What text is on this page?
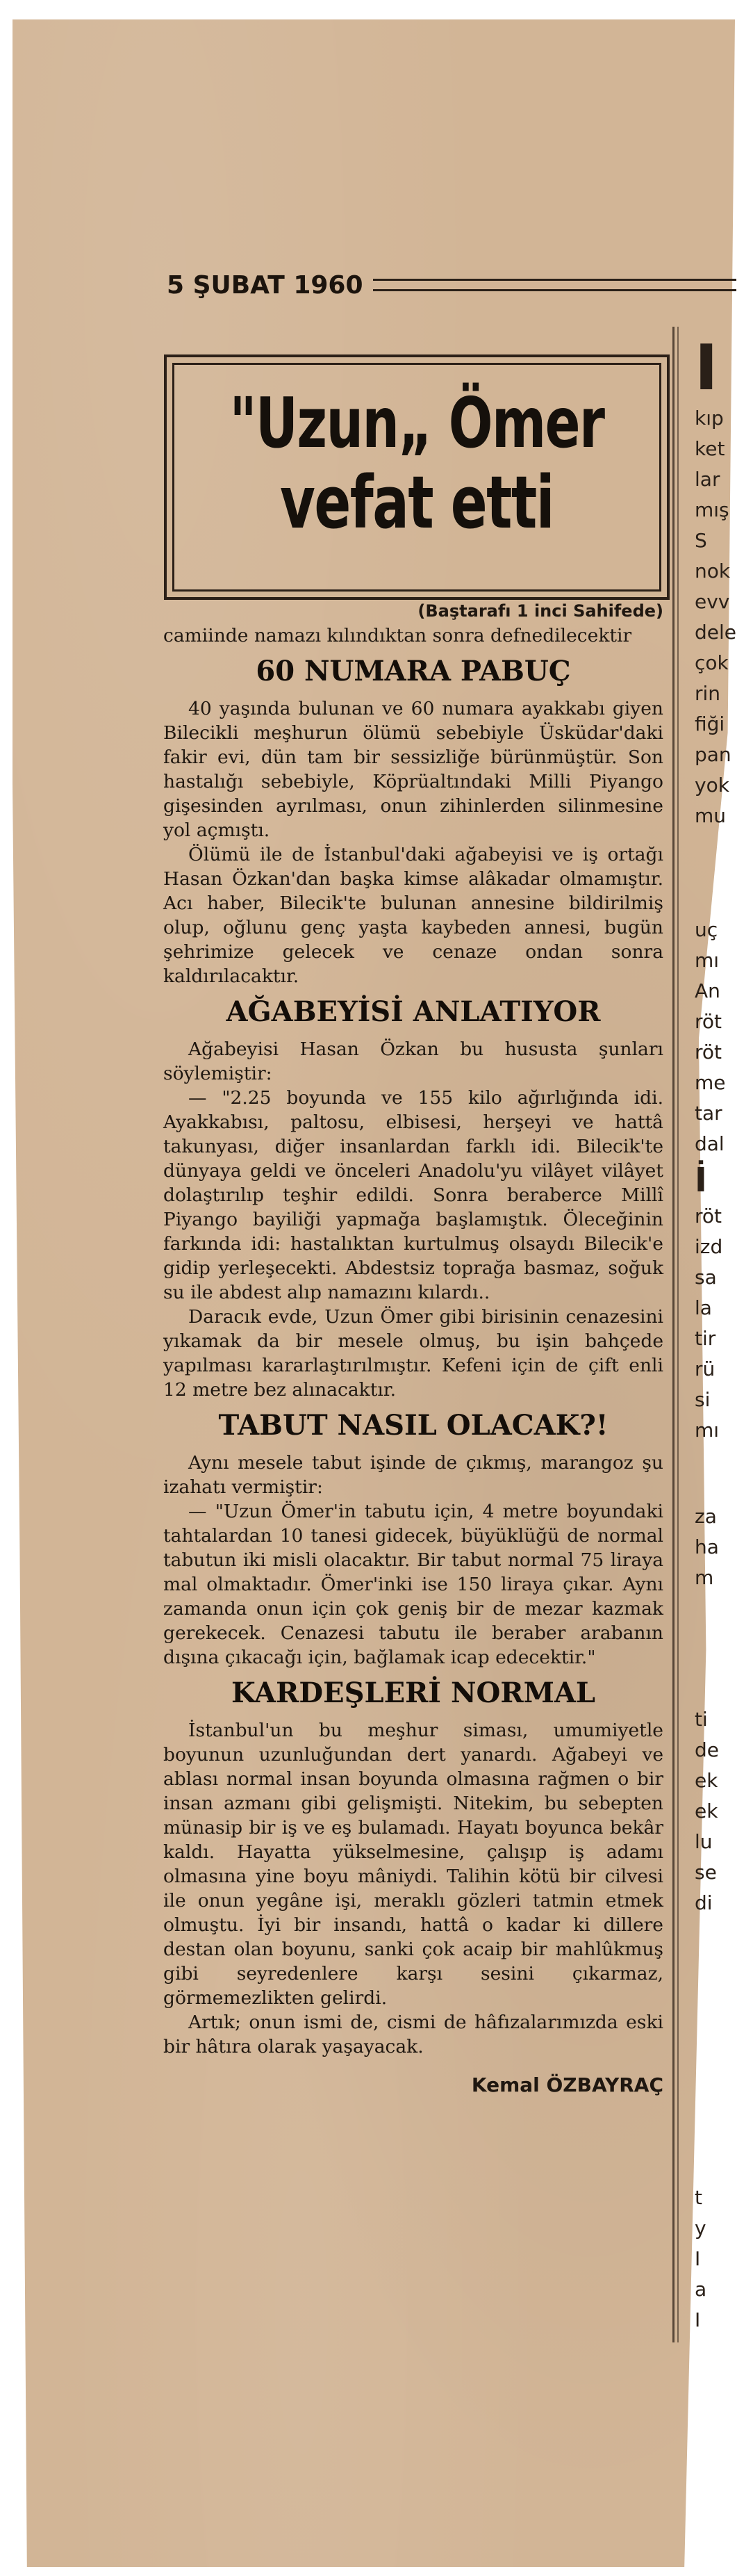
I
kıp
ket
lar
mış
S
nok
evv
dele
çok
rin
fiği
pan
yok
mu
uç
mı
An
röt
röt
me
tar
dal
İ
röt
izd
sa
la
tir
rü
si
mı
za
ha
m
ti
de
ek
ek
lu
se
di
t
y
I
a
I
5 ŞUBAT 1960
"Uzun„ Ömer
vefat etti

(Baştarafı 1 inci Sahifede)

camiinde namazı kılındıktan sonra defnedilecektir

60 NUMARA PABUÇ

40 yaşında bulunan ve 60 numara ayakkabı giyen Bilecikli meşhurun ölümü sebebiyle Üsküdar'daki fakir evi, dün tam bir sessizliğe bürünmüştür. Son hastalığı sebebiyle, Köprüaltındaki Milli Piyango gişesinden ayrılması, onun zihinlerden silinmesine yol açmıştı.

Ölümü ile de İstanbul'daki ağabeyisi ve iş ortağı Hasan Özkan'dan başka kimse alâkadar olmamıştır. Acı haber, Bilecik'te bulunan annesine bildirilmiş olup, oğlunu genç yaşta kaybeden annesi, bugün şehrimize gelecek ve cenaze ondan sonra kaldırılacaktır.

AĞABEYİSİ ANLATIYOR

Ağabeyisi Hasan Özkan bu hususta şunları söylemiştir:

— "2.25 boyunda ve 155 kilo ağırlığında idi. Ayakkabısı, paltosu, elbisesi, herşeyi ve hattâ takunyası, diğer insanlardan farklı idi. Bilecik'te dünyaya geldi ve önceleri Anadolu'yu vilâyet vilâyet dolaştırılıp teşhir edildi. Sonra beraberce Millî Piyango bayiliği yapmağa başlamıştık. Öleceğinin farkında idi: hastalıktan kurtulmuş olsaydı Bilecik'e gidip yerleşecekti. Abdestsiz toprağa basmaz, soğuk su ile abdest alıp namazını kılardı..

Daracık evde, Uzun Ömer gibi birisinin cenazesini yıkamak da bir mesele olmuş, bu işin bahçede yapılması kararlaştırılmıştır. Kefeni için de çift enli 12 metre bez alınacaktır.

TABUT NASIL OLACAK?!

Aynı mesele tabut işinde de çıkmış, marangoz şu izahatı vermiştir:

— "Uzun Ömer'in tabutu için, 4 metre boyundaki tahtalardan 10 tanesi gidecek, büyüklüğü de normal tabutun iki misli olacaktır. Bir tabut normal 75 liraya mal olmaktadır. Ömer'inki ise 150 liraya çıkar. Aynı zamanda onun için çok geniş bir de mezar kazmak gerekecek. Cenazesi tabutu ile beraber arabanın dışına çıkacağı için, bağlamak icap edecektir."

KARDEŞLERİ NORMAL

İstanbul'un bu meşhur siması, umumiyetle boyunun uzunluğundan dert yanardı. Ağabeyi ve ablası normal insan boyunda olmasına rağmen o bir insan azmanı gibi gelişmişti. Nitekim, bu sebepten münasip bir iş ve eş bulamadı. Hayatı boyunca bekâr kaldı. Hayatta yükselmesine, çalışıp iş adamı olmasına yine boyu mâniydi. Talihin kötü bir cilvesi ile onun yegâne işi, meraklı gözleri tatmin etmek olmuştu. İyi bir insandı, hattâ o kadar ki dillere destan olan boyunu, sanki çok acaip bir mahlûkmuş gibi seyredenlere karşı sesini çıkarmaz, görmemezlikten gelirdi.

Artık; onun ismi de, cismi de hâfızalarımızda eski bir hâtıra olarak yaşayacak.

Kemal ÖZBAYRAÇ
